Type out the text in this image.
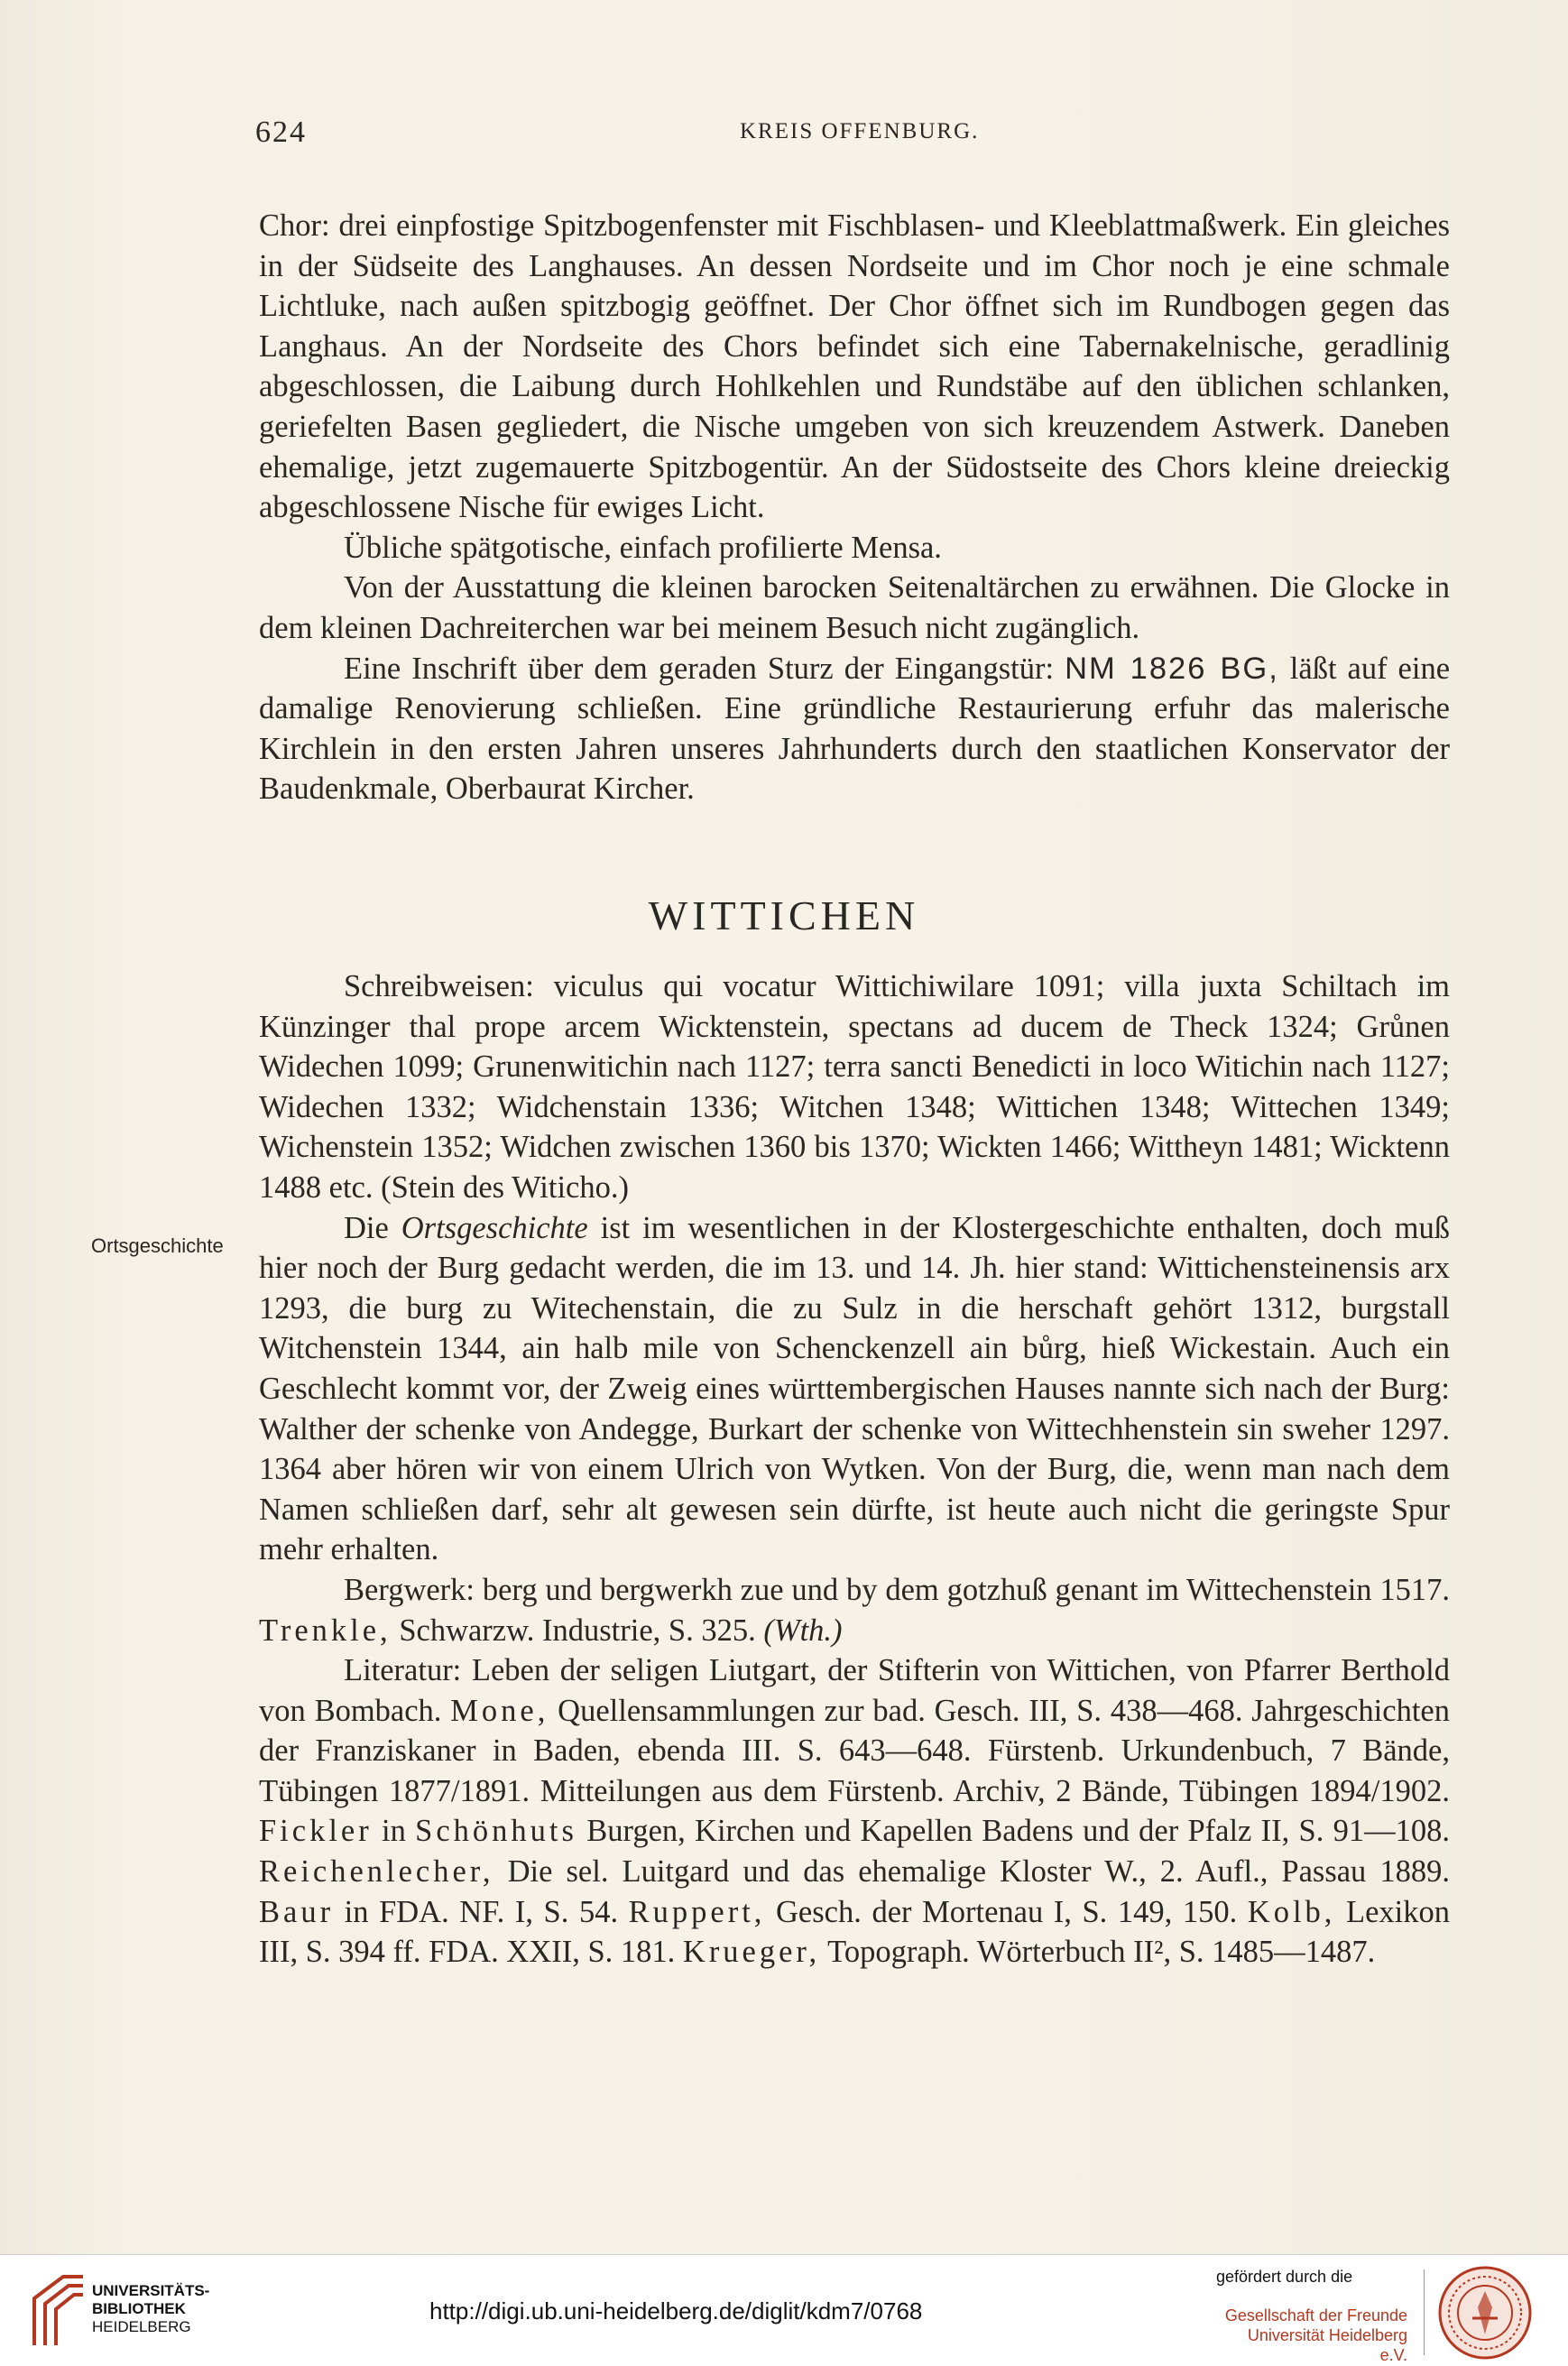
624	KREIS OFFENBURG.

Chor: drei einpfostige Spitzbogenfenster mit Fischblasen- und Kleeblattmaßwerk. Ein gleiches in der Südseite des Langhauses. An dessen Nordseite und im Chor noch je eine schmale Lichtluke, nach außen spitzbogig geöffnet. Der Chor öffnet sich im Rundbogen gegen das Langhaus. An der Nordseite des Chors befindet sich eine Tabernakelnische, geradlinig abgeschlossen, die Laibung durch Hohlkehlen und Rundstäbe auf den üblichen schlanken, geriefelten Basen gegliedert, die Nische umgeben von sich kreuzendem Astwerk. Daneben ehemalige, jetzt zugemauerte Spitzbogentür. An der Südostseite des Chors kleine dreieckig abgeschlossene Nische für ewiges Licht.

Übliche spätgotische, einfach profilierte Mensa.

Von der Ausstattung die kleinen barocken Seitenaltärchen zu erwähnen. Die Glocke in dem kleinen Dachreiterchen war bei meinem Besuch nicht zugänglich.

Eine Inschrift über dem geraden Sturz der Eingangstür: NM 1826 BG, läßt auf eine damalige Renovierung schließen. Eine gründliche Restaurierung erfuhr das malerische Kirchlein in den ersten Jahren unseres Jahrhunderts durch den staatlichen Konservator der Baudenkmale, Oberbaurat Kircher.

WITTICHEN

Schreibweisen: viculus qui vocatur Wittichiwilare 1091; villa juxta Schiltach im Künzinger thal prope arcem Wicktenstein, spectans ad ducem de Theck 1324; Grůnen Widechen 1099; Grunenwitichin nach 1127; terra sancti Benedicti in loco Witichin nach 1127; Widechen 1332; Widchenstain 1336; Witchen 1348; Wittichen 1348; Wittechen 1349; Wichenstein 1352; Widchen zwischen 1360 bis 1370; Wickten 1466; Wittheyn 1481; Wicktenn 1488 etc. (Stein des Witicho.)

Die Ortsgeschichte ist im wesentlichen in der Klostergeschichte enthalten, doch muß hier noch der Burg gedacht werden, die im 13. und 14. Jh. hier stand: Wittichensteinensis arx 1293, die burg zu Witechenstain, die zu Sulz in die herschaft gehört 1312, burgstall Witchenstein 1344, ain halb mile von Schenckenzell ain bůrg, hieß Wickestain. Auch ein Geschlecht kommt vor, der Zweig eines württembergischen Hauses nannte sich nach der Burg: Walther der schenke von Andegge, Burkart der schenke von Wittechhenstein sin sweher 1297. 1364 aber hören wir von einem Ulrich von Wytken. Von der Burg, die, wenn man nach dem Namen schließen darf, sehr alt gewesen sein dürfte, ist heute auch nicht die geringste Spur mehr erhalten.

Bergwerk: berg und bergwerkh zue und by dem gotzhuß genant im Wittechenstein 1517. Trenkle, Schwarzw. Industrie, S. 325. (Wth.)

Literatur: Leben der seligen Liutgart, der Stifterin von Wittichen, von Pfarrer Berthold von Bombach. Mone, Quellensammlungen zur bad. Gesch. III, S. 438—468. Jahrgeschichten der Franziskaner in Baden, ebenda III. S. 643—648. Fürstenb. Urkundenbuch, 7 Bände, Tübingen 1877/1891. Mitteilungen aus dem Fürstenb. Archiv, 2 Bände, Tübingen 1894/1902. Fickler in Schönhuts Burgen, Kirchen und Kapellen Badens und der Pfalz II, S. 91—108. Reichenlecher, Die sel. Luitgard und das ehemalige Kloster W., 2. Aufl., Passau 1889. Baur in FDA. NF. I, S. 54. Ruppert, Gesch. der Mortenau I, S. 149, 150. Kolb, Lexikon III, S. 394 ff. FDA. XXII, S. 181. Krueger, Topograph. Wörterbuch II², S. 1485—1487.

Ortsgeschichte
UNIVERSITÄTS-
BIBLIOTHEK
HEIDELBERG
http://digi.ub.uni-heidelberg.de/diglit/kdm7/0768
gefördert durch die
Gesellschaft der Freunde
Universität Heidelberg e.V.
